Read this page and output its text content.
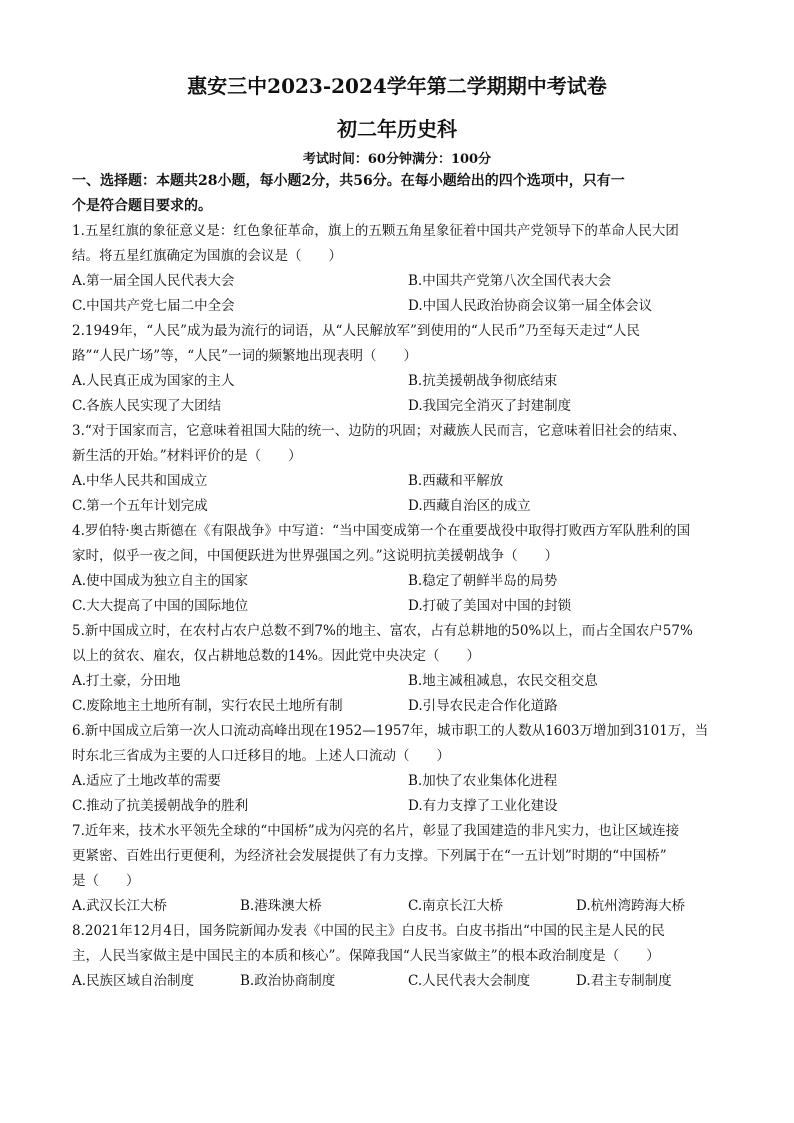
惠安三中2023-2024学年第二学期期中考试卷
初二年历史科

考试时间：60分钟满分：100分

一、选择题：本题共28小题，每小题2分，共56分。在每小题给出的四个选项中，只有一

个是符合题目要求的。

1.五星红旗的象征意义是：红色象征革命，旗上的五颗五角星象征着中国共产党领导下的革命人民大团

结。将五星红旗确定为国旗的会议是（　　）

A.第一届全国人民代表大会	B.中国共产党第八次全国代表大会

C.中国共产党七届二中全会	D.中国人民政治协商会议第一届全体会议

2.1949年，“人民”成为最为流行的词语，从“人民解放军”到使用的“人民币”乃至每天走过“人民

路”“人民广场”等，“人民”一词的频繁地出现表明（　　）

A.人民真正成为国家的主人	B.抗美援朝战争彻底结束

C.各族人民实现了大团结	D.我国完全消灭了封建制度

3.“对于国家而言，它意味着祖国大陆的统一、边防的巩固；对藏族人民而言，它意味着旧社会的结束、

新生活的开始。”材料评价的是（　　）

A.中华人民共和国成立	B.西藏和平解放

C.第一个五年计划完成	D.西藏自治区的成立

4.罗伯特·奥古斯德在《有限战争》中写道：“当中国变成第一个在重要战役中取得打败西方军队胜利的国

家时，似乎一夜之间，中国便跃进为世界强国之列。”这说明抗美援朝战争（　　）

A.使中国成为独立自主的国家	B.稳定了朝鲜半岛的局势

C.大大提高了中国的国际地位	D.打破了美国对中国的封锁

5.新中国成立时，在农村占农户总数不到7%的地主、富农，占有总耕地的50%以上，而占全国农户57%

以上的贫农、雇农，仅占耕地总数的14%。因此党中央决定（　　）

A.打土豪，分田地	B.地主减租减息，农民交租交息

C.废除地主土地所有制，实行农民土地所有制	D.引导农民走合作化道路

6.新中国成立后第一次人口流动高峰出现在1952—1957年，城市职工的人数从1603万增加到3101万，当

时东北三省成为主要的人口迁移目的地。上述人口流动（　　）

A.适应了土地改革的需要	B.加快了农业集体化进程

C.推动了抗美援朝战争的胜利	D.有力支撑了工业化建设

7.近年来，技术水平领先全球的“中国桥”成为闪亮的名片，彰显了我国建造的非凡实力，也让区域连接

更紧密、百姓出行更便利，为经济社会发展提供了有力支撑。下列属于在“一五计划”时期的“中国桥”

是（　　）

A.武汉长江大桥	B.港珠澳大桥	C.南京长江大桥	D.杭州湾跨海大桥

8.2021年12月4日，国务院新闻办发表《中国的民主》白皮书。白皮书指出“中国的民主是人民的民

主，人民当家做主是中国民主的本质和核心”。保障我国“人民当家做主”的根本政治制度是（　　）

A.民族区域自治制度	B.政治协商制度	C.人民代表大会制度	D.君主专制制度
